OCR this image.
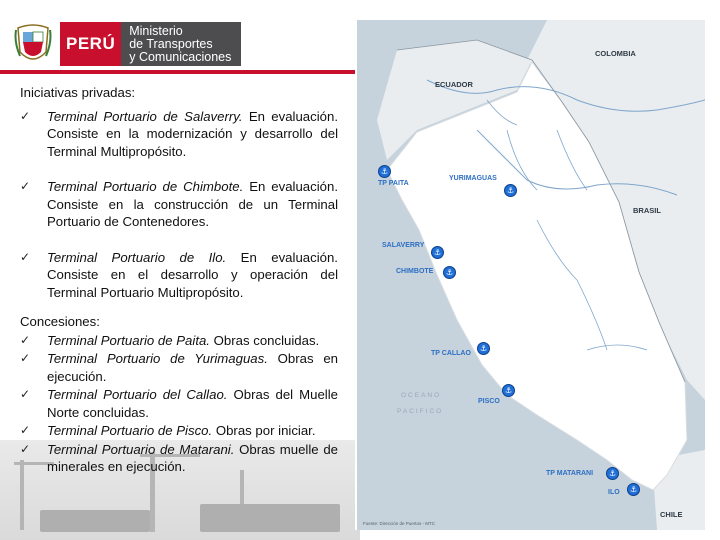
PERÚ
Ministerio
de Transportes
y Comunicaciones
Iniciativas privadas:
✓ Terminal Portuario de Salaverry. En evaluación. Consiste en la modernización y desarrollo del Terminal Multipropósito.
✓ Terminal Portuario de Chimbote. En evaluación. Consiste en la construcción de un Terminal Portuario de Contenedores.
✓ Terminal Portuario de Ilo. En evaluación. Consiste en el desarrollo y operación del Terminal Portuario Multipropósito.
Concesiones:
✓ Terminal Portuario de Paita. Obras concluidas.
✓ Terminal Portuario de Yurimaguas. Obras en ejecución.
✓ Terminal Portuario del Callao. Obras del Muelle Norte concluidas.
✓ Terminal Portuario de Pisco. Obras por iniciar.
✓ Terminal Portuario de Matarani. Obras muelle de minerales en ejecución.
COLOMBIA
ECUADOR
BRASIL
CHILE
OCEANO
PACIFICO
Fuente: Dirección de Puertos - MTC
⚓
TP PAITA
⚓
YURIMAGUAS
⚓
SALAVERRY
⚓
CHIMBOTE
⚓
TP CALLAO
⚓
PISCO
⚓
TP MATARANI
⚓
ILO
